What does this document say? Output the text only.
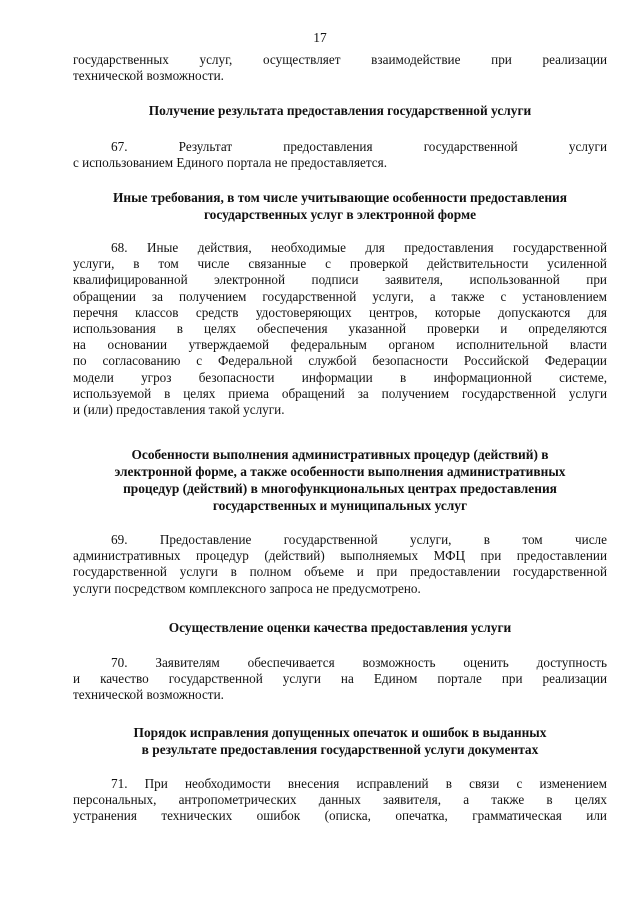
17
государственных услуг, осуществляет взаимодействие при реализации
технической возможности.
Получение результата предоставления государственной услуги
67. Результат предоставления государственной услуги
с использованием Единого портала не предоставляется.
Иные требования, в том числе учитывающие особенности предоставления
государственных услуг в электронной форме
68. Иные действия, необходимые для предоставления государственной
услуги, в том числе связанные с проверкой действительности усиленной
квалифицированной электронной подписи заявителя, использованной при
обращении за получением государственной услуги, а также с установлением
перечня классов средств удостоверяющих центров, которые допускаются для
использования в целях обеспечения указанной проверки и определяются
на основании утверждаемой федеральным органом исполнительной власти
по согласованию с Федеральной службой безопасности Российской Федерации
модели угроз безопасности информации в информационной системе,
используемой в целях приема обращений за получением государственной услуги
и (или) предоставления такой услуги.
Особенности выполнения административных процедур (действий) в
электронной форме, а также особенности выполнения административных
процедур (действий) в многофункциональных центрах предоставления
государственных и муниципальных услуг
69. Предоставление государственной услуги, в том числе
административных процедур (действий) выполняемых МФЦ при предоставлении
государственной услуги в полном объеме и при предоставлении государственной
услуги посредством комплексного запроса не предусмотрено.
Осуществление оценки качества предоставления услуги
70. Заявителям обеспечивается возможность оценить доступность
и качество государственной услуги на Едином портале при реализации
технической возможности.
Порядок исправления допущенных опечаток и ошибок в выданных
в результате предоставления государственной услуги документах
71. При необходимости внесения исправлений в связи с изменением
персональных, антропометрических данных заявителя, а также в целях
устранения технических ошибок (описка, опечатка, грамматическая или
